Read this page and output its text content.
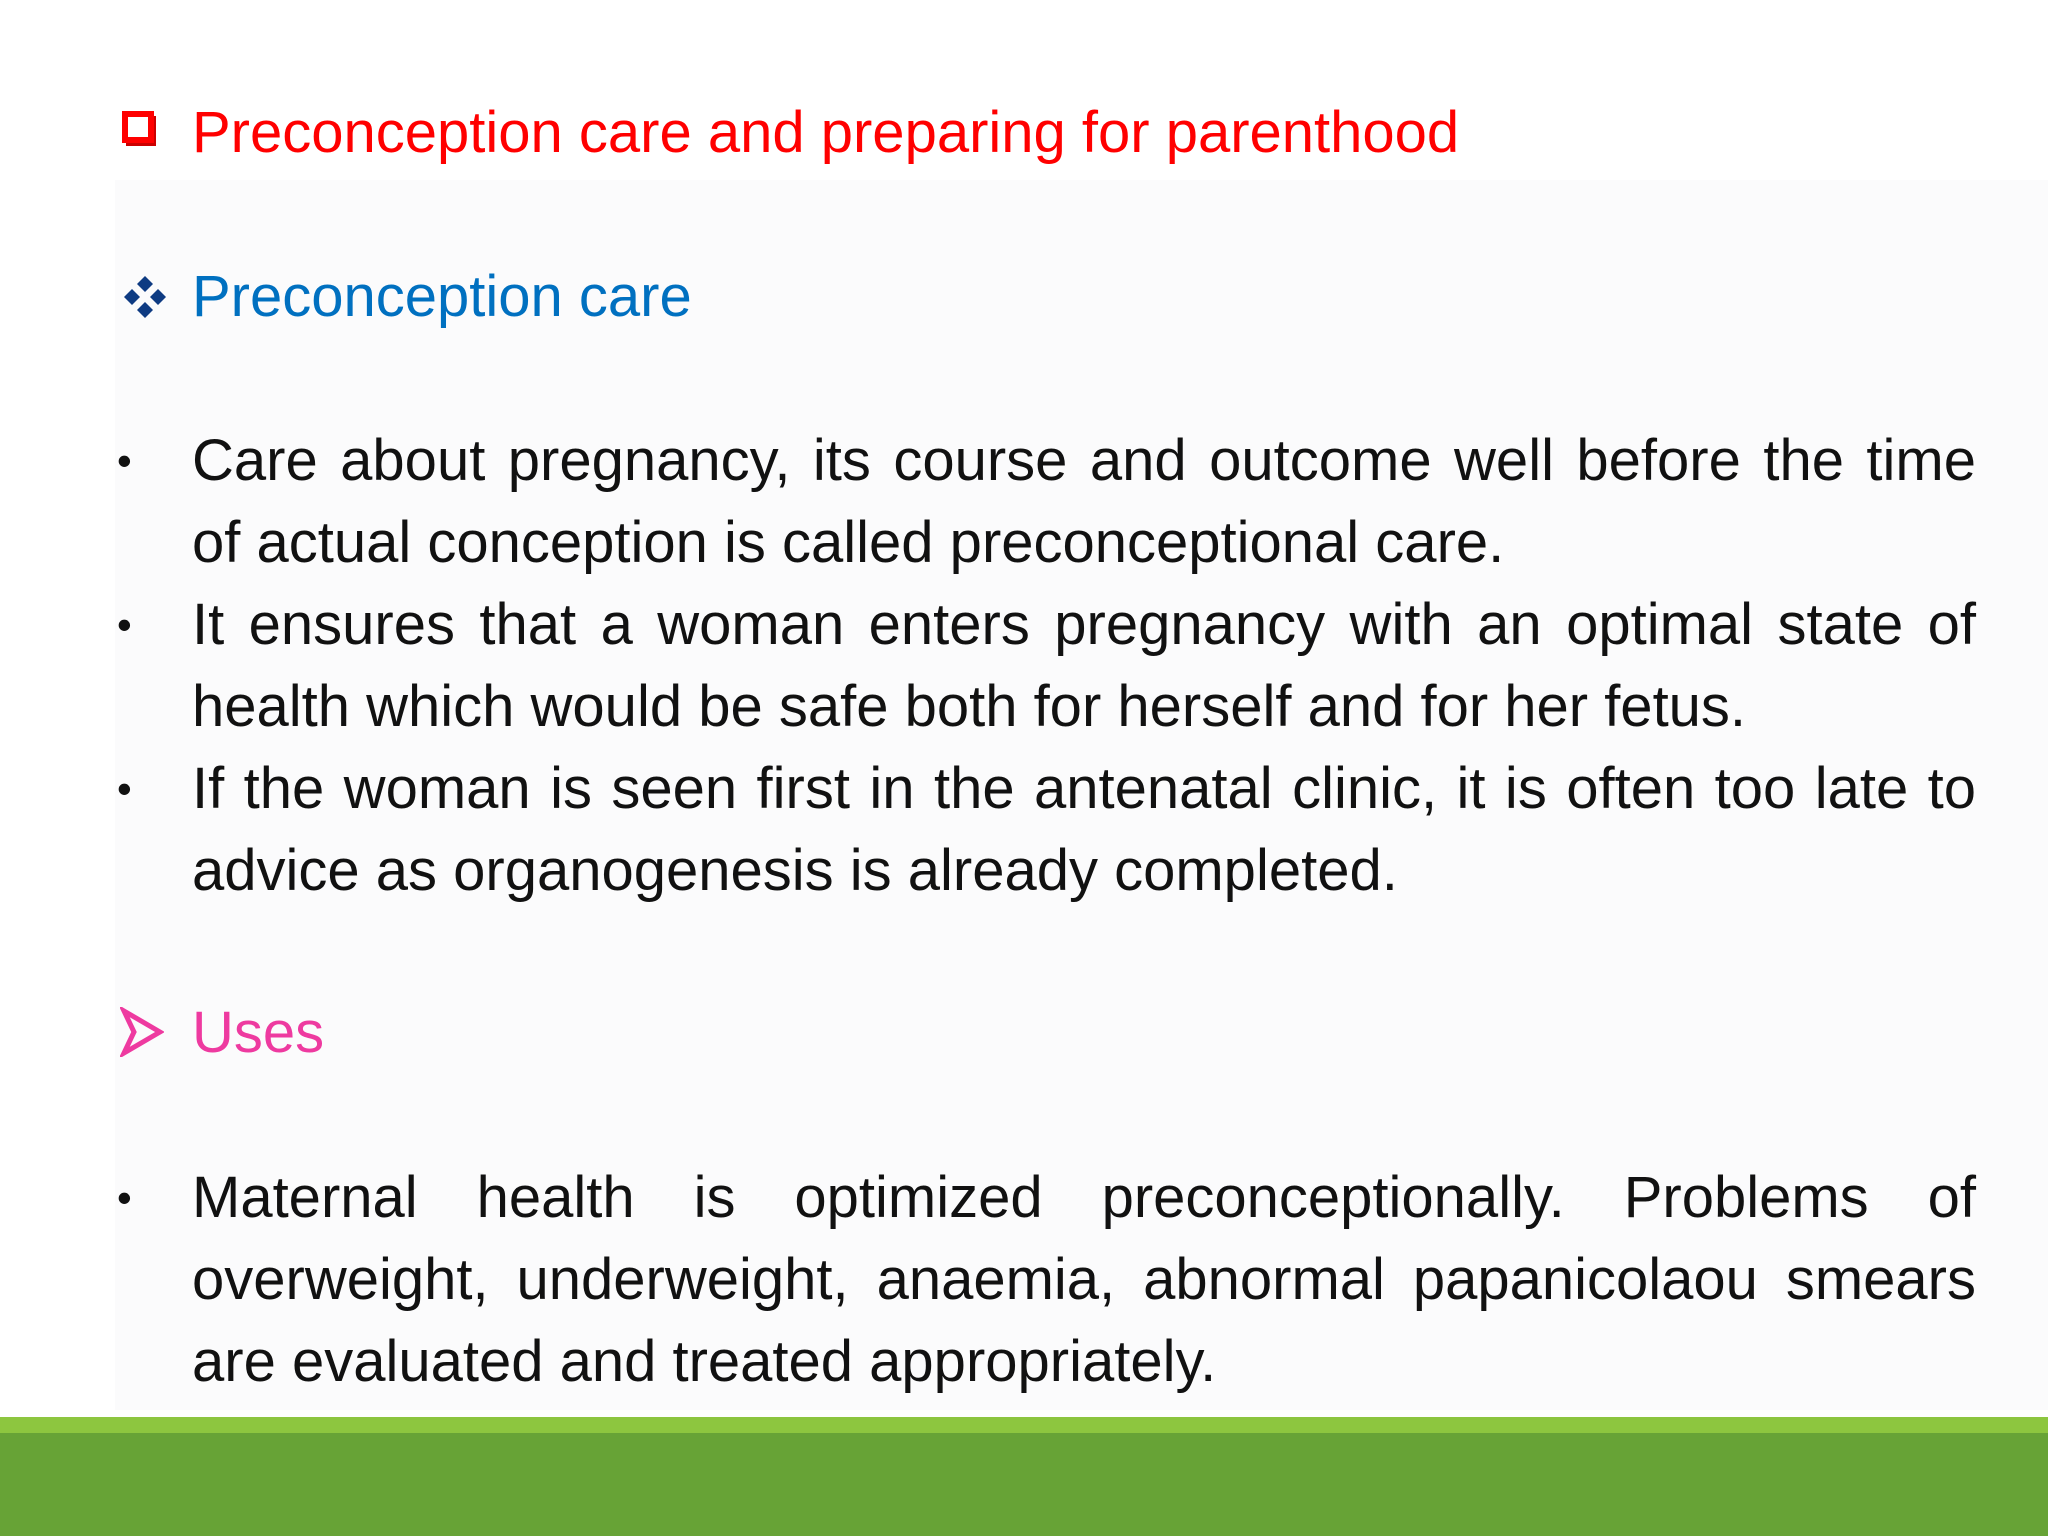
Preconception care and preparing for parenthood
Preconception care
• Care about pregnancy, its course and outcome well before the time of actual conception is called preconceptional care.
• It ensures that a woman enters pregnancy with an optimal state of health which would be safe both for herself and for her fetus.
• If the woman is seen first in the antenatal clinic, it is often too late to advice as organogenesis is already completed.
Uses
• Maternal health is optimized preconceptionally. Problems of overweight, underweight, anaemia, abnormal papanicolaou smears are evaluated and treated appropriately.
